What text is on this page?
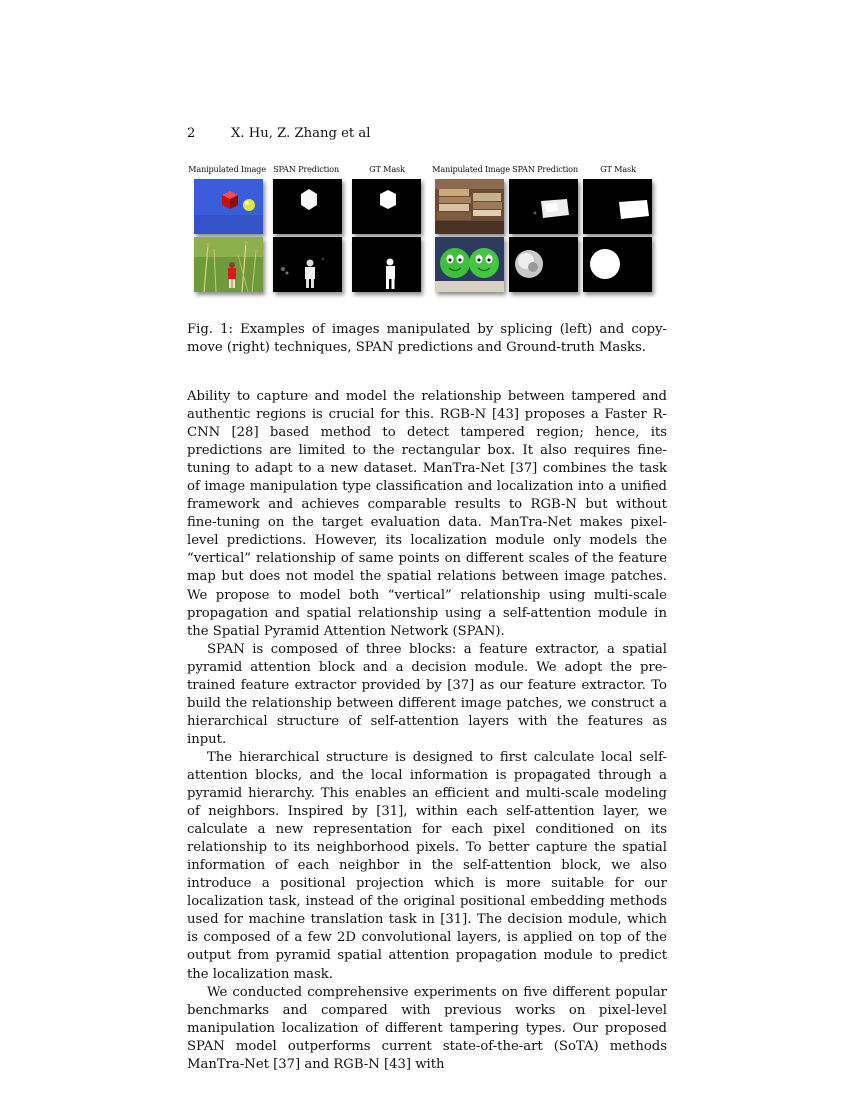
2	X. Hu, Z. Zhang et al
Manipulated Image SPAN Prediction	GT Mask	Manipulated Image SPAN Prediction	GT Mask
Fig. 1: Examples of images manipulated by splicing (left) and copy-move (right) techniques, SPAN predictions and Ground-truth Masks.

Ability to capture and model the relationship between tampered and authentic regions is crucial for this. RGB-N [43] proposes a Faster R-CNN [28] based method to detect tampered region; hence, its predictions are limited to the rectangular box. It also requires fine-tuning to adapt to a new dataset. ManTra-Net [37] combines the task of image manipulation type classification and localization into a unified framework and achieves comparable results to RGB-N but without fine-tuning on the target evaluation data. ManTra-Net makes pixel-level predictions. However, its localization module only models the “vertical” relationship of same points on different scales of the feature map but does not model the spatial relations between image patches. We propose to model both “vertical” relationship using multi-scale propagation and spatial relationship using a self-attention module in the Spatial Pyramid Attention Network (SPAN).

SPAN is composed of three blocks: a feature extractor, a spatial pyramid attention block and a decision module. We adopt the pre-trained feature extractor provided by [37] as our feature extractor. To build the relationship between different image patches, we construct a hierarchical structure of self-attention layers with the features as input.

The hierarchical structure is designed to first calculate local self-attention blocks, and the local information is propagated through a pyramid hierarchy. This enables an efficient and multi-scale modeling of neighbors. Inspired by [31], within each self-attention layer, we calculate a new representation for each pixel conditioned on its relationship to its neighborhood pixels. To better capture the spatial information of each neighbor in the self-attention block, we also introduce a positional projection which is more suitable for our localization task, instead of the original positional embedding methods used for machine translation task in [31]. The decision module, which is composed of a few 2D convolutional layers, is applied on top of the output from pyramid spatial attention propagation module to predict the localization mask.

We conducted comprehensive experiments on five different popular benchmarks and compared with previous works on pixel-level manipulation localization of different tampering types. Our proposed SPAN model outperforms current state-of-the-art (SoTA) methods ManTra-Net [37] and RGB-N [43] with
